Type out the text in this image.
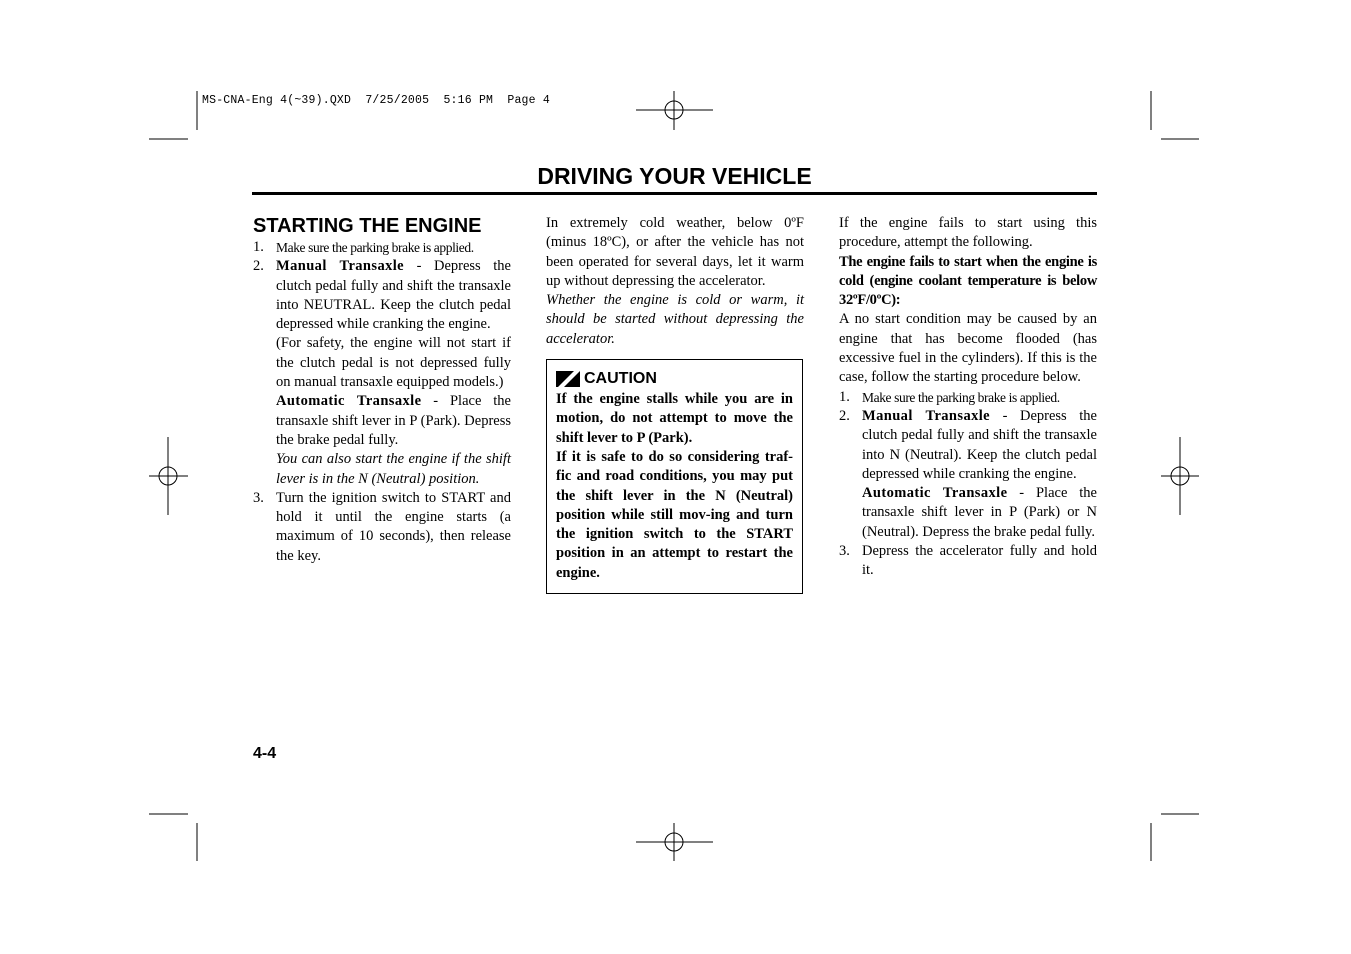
MS-CNA-Eng 4(~39).QXD  7/25/2005  5:16 PM  Page 4
DRIVING YOUR VEHICLE
STARTING THE ENGINE
1. Make sure the parking brake is applied.
2. Manual Transaxle - Depress the clutch pedal fully and shift the transaxle into NEUTRAL. Keep the clutch pedal depressed while cranking the engine.
(For safety, the engine will not start if the clutch pedal is not depressed fully on manual transaxle equipped models.)
Automatic Transaxle - Place the transaxle shift lever in P (Park). Depress the brake pedal fully.
You can also start the engine if the shift lever is in the N (Neutral) position.
3. Turn the ignition switch to START and hold it until the engine starts (a maximum of 10 seconds), then release the key.

In extremely cold weather, below 0ºF (minus 18ºC), or after the vehicle has not been operated for several days, let it warm up without depressing the accelerator.

Whether the engine is cold or warm, it should be started without depressing the accelerator.

CAUTION

If the engine stalls while you are in motion, do not attempt to move the shift lever to P (Park).

If it is safe to do so considering traf-fic and road conditions, you may put the shift lever in the N (Neutral) position while still mov-ing and turn the ignition switch to the START position in an attempt to restart the engine.

If the engine fails to start using this procedure, attempt the following.

The engine fails to start when the engine is cold (engine coolant temperature is below 32ºF/0ºC):

A no start condition may be caused by an engine that has become flooded (has excessive fuel in the cylinders). If this is the case, follow the starting procedure below.

1. Make sure the parking brake is applied.
2. Manual Transaxle - Depress the clutch pedal fully and shift the transaxle into N (Neutral). Keep the clutch pedal depressed while cranking the engine.
Automatic Transaxle - Place the transaxle shift lever in P (Park) or N (Neutral). Depress the brake pedal fully.
3. Depress the accelerator fully and hold it.
4-4
